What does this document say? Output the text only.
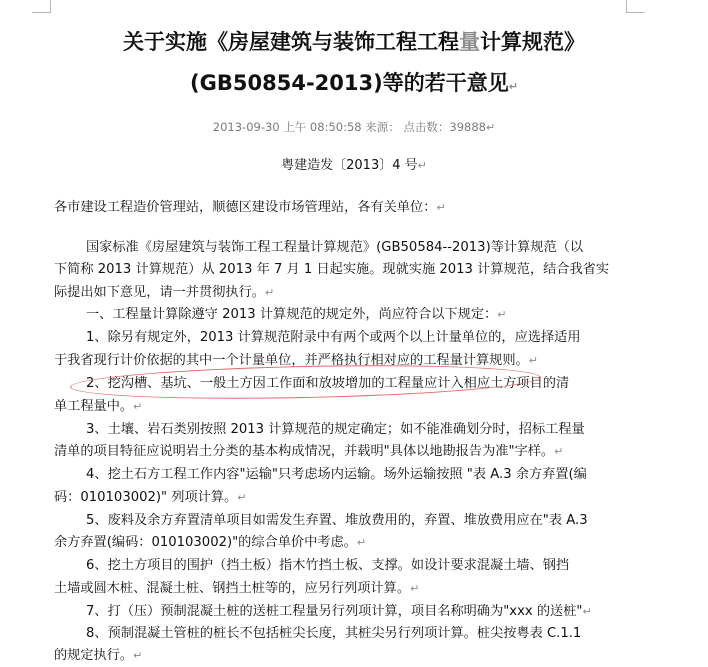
关于实施《房屋建筑与装饰工程工程量计算规范》
(GB50854-2013)等的若干意见↵
2013-09-30 上午 08:50:58 来源： 点击数：39888↵
粤建造发〔2013〕4 号↵
各市建设工程造价管理站，顺德区建设市场管理站，各有关单位：↵
国家标准《房屋建筑与装饰工程工程量计算规范》(GB50584--2013)等计算规范（以
下简称 2013 计算规范）从 2013 年 7 月 1 日起实施。现就实施 2013 计算规范，结合我省实
际提出如下意见，请一并贯彻执行。↵
一、工程量计算除遵守 2013 计算规范的规定外，尚应符合以下规定：↵
1、除另有规定外，2013 计算规范附录中有两个或两个以上计量单位的，应选择适用
于我省现行计价依据的其中一个计量单位，并严格执行相对应的工程量计算规则。↵
2、挖沟槽、基坑、一般土方因工作面和放坡增加的工程量应计入相应土方项目的清
单工程量中。↵
3、土壤、岩石类别按照 2013 计算规范的规定确定；如不能准确划分时，招标工程量
清单的项目特征应说明岩土分类的基本构成情况，并载明"具体以地勘报告为准"字样。↵
4、挖土石方工程工作内容"运输"只考虑场内运输。场外运输按照 "表 A.3 余方弃置(编
码：010103002)" 列项计算。↵
5、废料及余方弃置清单项目如需发生弃置、堆放费用的，弃置、堆放费用应在"表 A.3
余方弃置(编码：010103002)"的综合单价中考虑。↵
6、挖土方项目的围护（挡土板）指木竹挡土板、支撑。如设计要求混凝土墙、钢挡
土墙或圆木桩、混凝土桩、钢挡土桩等的，应另行列项计算。↵
7、打（压）预制混凝土桩的送桩工程量另行列项计算，项目名称明确为"xxx 的送桩"↵
8、预制混凝土管桩的桩长不包括桩尖长度，其桩尖另行列项计算。桩尖按粤表 C.1.1
的规定执行。↵
